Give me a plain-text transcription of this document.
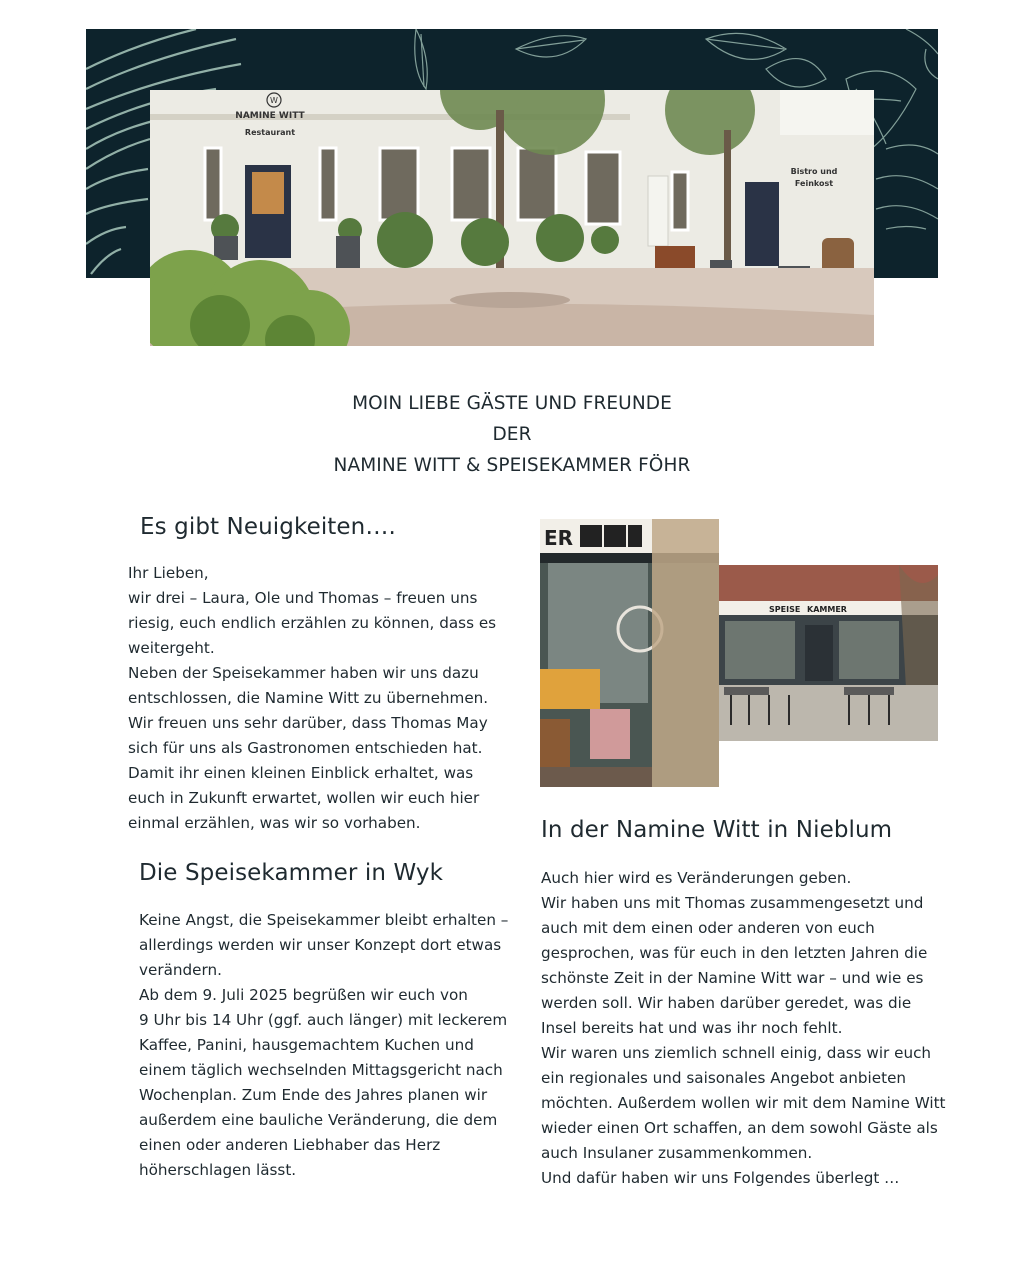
W
NAMINE WITT
Restaurant
Bistro und
Feinkost
MOIN LIEBE GÄSTE UND FREUNDE
DER
NAMINE WITT & SPEISEKAMMER FÖHR
Es gibt Neuigkeiten….
Ihr Lieben,
wir drei – Laura, Ole und Thomas – freuen uns
riesig, euch endlich erzählen zu können, dass es
weitergeht.
Neben der Speisekammer haben wir uns dazu
entschlossen, die Namine Witt zu übernehmen.
Wir freuen uns sehr darüber, dass Thomas May
sich für uns als Gastronomen entschieden hat.
Damit ihr einen kleinen Einblick erhaltet, was
euch in Zukunft erwartet, wollen wir euch hier
einmal erzählen, was wir so vorhaben.
Die Speisekammer in Wyk
Keine Angst, die Speisekammer bleibt erhalten –
allerdings werden wir unser Konzept dort etwas
verändern.
Ab dem 9. Juli 2025 begrüßen wir euch von
9 Uhr bis 14 Uhr (ggf. auch länger) mit leckerem
Kaffee, Panini, hausgemachtem Kuchen und
einem täglich wechselnden Mittagsgericht nach
Wochenplan. Zum Ende des Jahres planen wir
außerdem eine bauliche Veränderung, die dem
einen oder anderen Liebhaber das Herz
höherschlagen lässt.
ER
SPEISE KAMMER
In der Namine Witt in Nieblum
Auch hier wird es Veränderungen geben.
Wir haben uns mit Thomas zusammengesetzt und
auch mit dem einen oder anderen von euch
gesprochen, was für euch in den letzten Jahren die
schönste Zeit in der Namine Witt war – und wie es
werden soll. Wir haben darüber geredet, was die
Insel bereits hat und was ihr noch fehlt.
Wir waren uns ziemlich schnell einig, dass wir euch
ein regionales und saisonales Angebot anbieten
möchten. Außerdem wollen wir mit dem Namine Witt
wieder einen Ort schaffen, an dem sowohl Gäste als
auch Insulaner zusammenkommen.
Und dafür haben wir uns Folgendes überlegt …
